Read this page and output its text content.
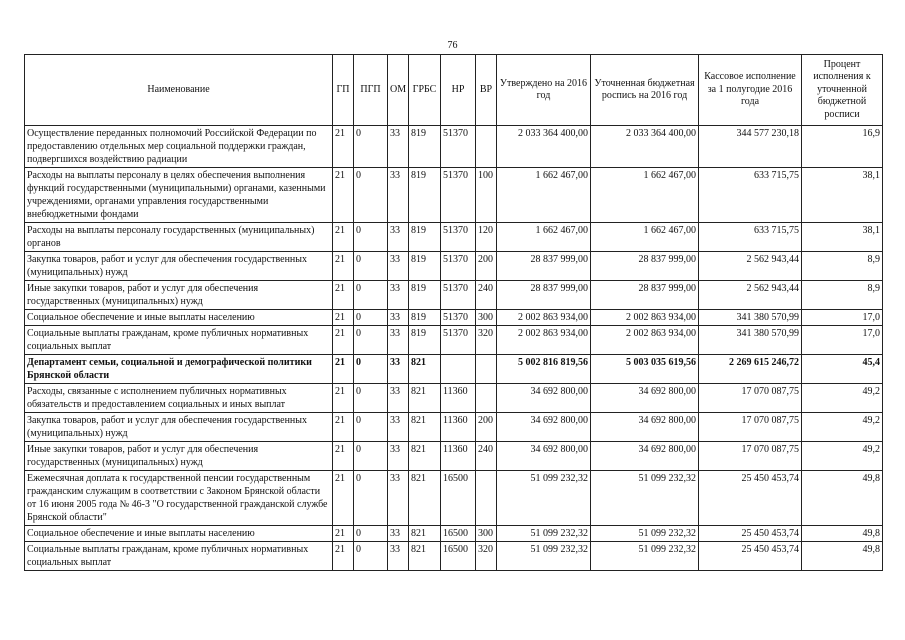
76
Наименование	ГП	ПГП	ОМ	ГРБС	НР	ВР	Утверждено на 2016 год	Уточненная бюджетная роспись на 2016 год	Кассовое исполнение за 1 полугодие 2016 года	Процент исполнения к уточненной бюджетной росписи
Осуществление переданных полномочий Российской Федерации по предоставлению отдельных мер социальной поддержки граждан, подвергшихся воздействию радиации	21	0	33	819	51370		2 033 364 400,00	2 033 364 400,00	344 577 230,18	16,9
Расходы на выплаты персоналу в целях обеспечения выполнения функций государственными (муниципальными) органами, казенными учреждениями, органами управления государственными внебюджетными фондами	21	0	33	819	51370	100	1 662 467,00	1 662 467,00	633 715,75	38,1
Расходы на выплаты персоналу государственных (муниципальных) органов	21	0	33	819	51370	120	1 662 467,00	1 662 467,00	633 715,75	38,1
Закупка товаров, работ и услуг для обеспечения государственных (муниципальных) нужд	21	0	33	819	51370	200	28 837 999,00	28 837 999,00	2 562 943,44	8,9
Иные закупки товаров, работ и услуг для обеспечения государственных (муниципальных) нужд	21	0	33	819	51370	240	28 837 999,00	28 837 999,00	2 562 943,44	8,9
Социальное обеспечение и иные выплаты населению	21	0	33	819	51370	300	2 002 863 934,00	2 002 863 934,00	341 380 570,99	17,0
Социальные выплаты гражданам, кроме публичных нормативных социальных выплат	21	0	33	819	51370	320	2 002 863 934,00	2 002 863 934,00	341 380 570,99	17,0
Департамент семьи, социальной и демографической политики Брянской области	21	0	33	821			5 002 816 819,56	5 003 035 619,56	2 269 615 246,72	45,4
Расходы, связанные с исполнением публичных нормативных обязательств и предоставлением социальных и иных выплат	21	0	33	821	11360		34 692 800,00	34 692 800,00	17 070 087,75	49,2
Закупка товаров, работ и услуг для обеспечения государственных (муниципальных) нужд	21	0	33	821	11360	200	34 692 800,00	34 692 800,00	17 070 087,75	49,2
Иные закупки товаров, работ и услуг для обеспечения государственных (муниципальных) нужд	21	0	33	821	11360	240	34 692 800,00	34 692 800,00	17 070 087,75	49,2
Ежемесячная доплата к государственной пенсии государственным гражданским служащим в соответствии с Законом Брянской области от 16 июня 2005 года № 46-З "О государственной гражданской службе Брянской области"	21	0	33	821	16500		51 099 232,32	51 099 232,32	25 450 453,74	49,8
Социальное обеспечение и иные выплаты населению	21	0	33	821	16500	300	51 099 232,32	51 099 232,32	25 450 453,74	49,8
Социальные выплаты гражданам, кроме публичных нормативных социальных выплат	21	0	33	821	16500	320	51 099 232,32	51 099 232,32	25 450 453,74	49,8
